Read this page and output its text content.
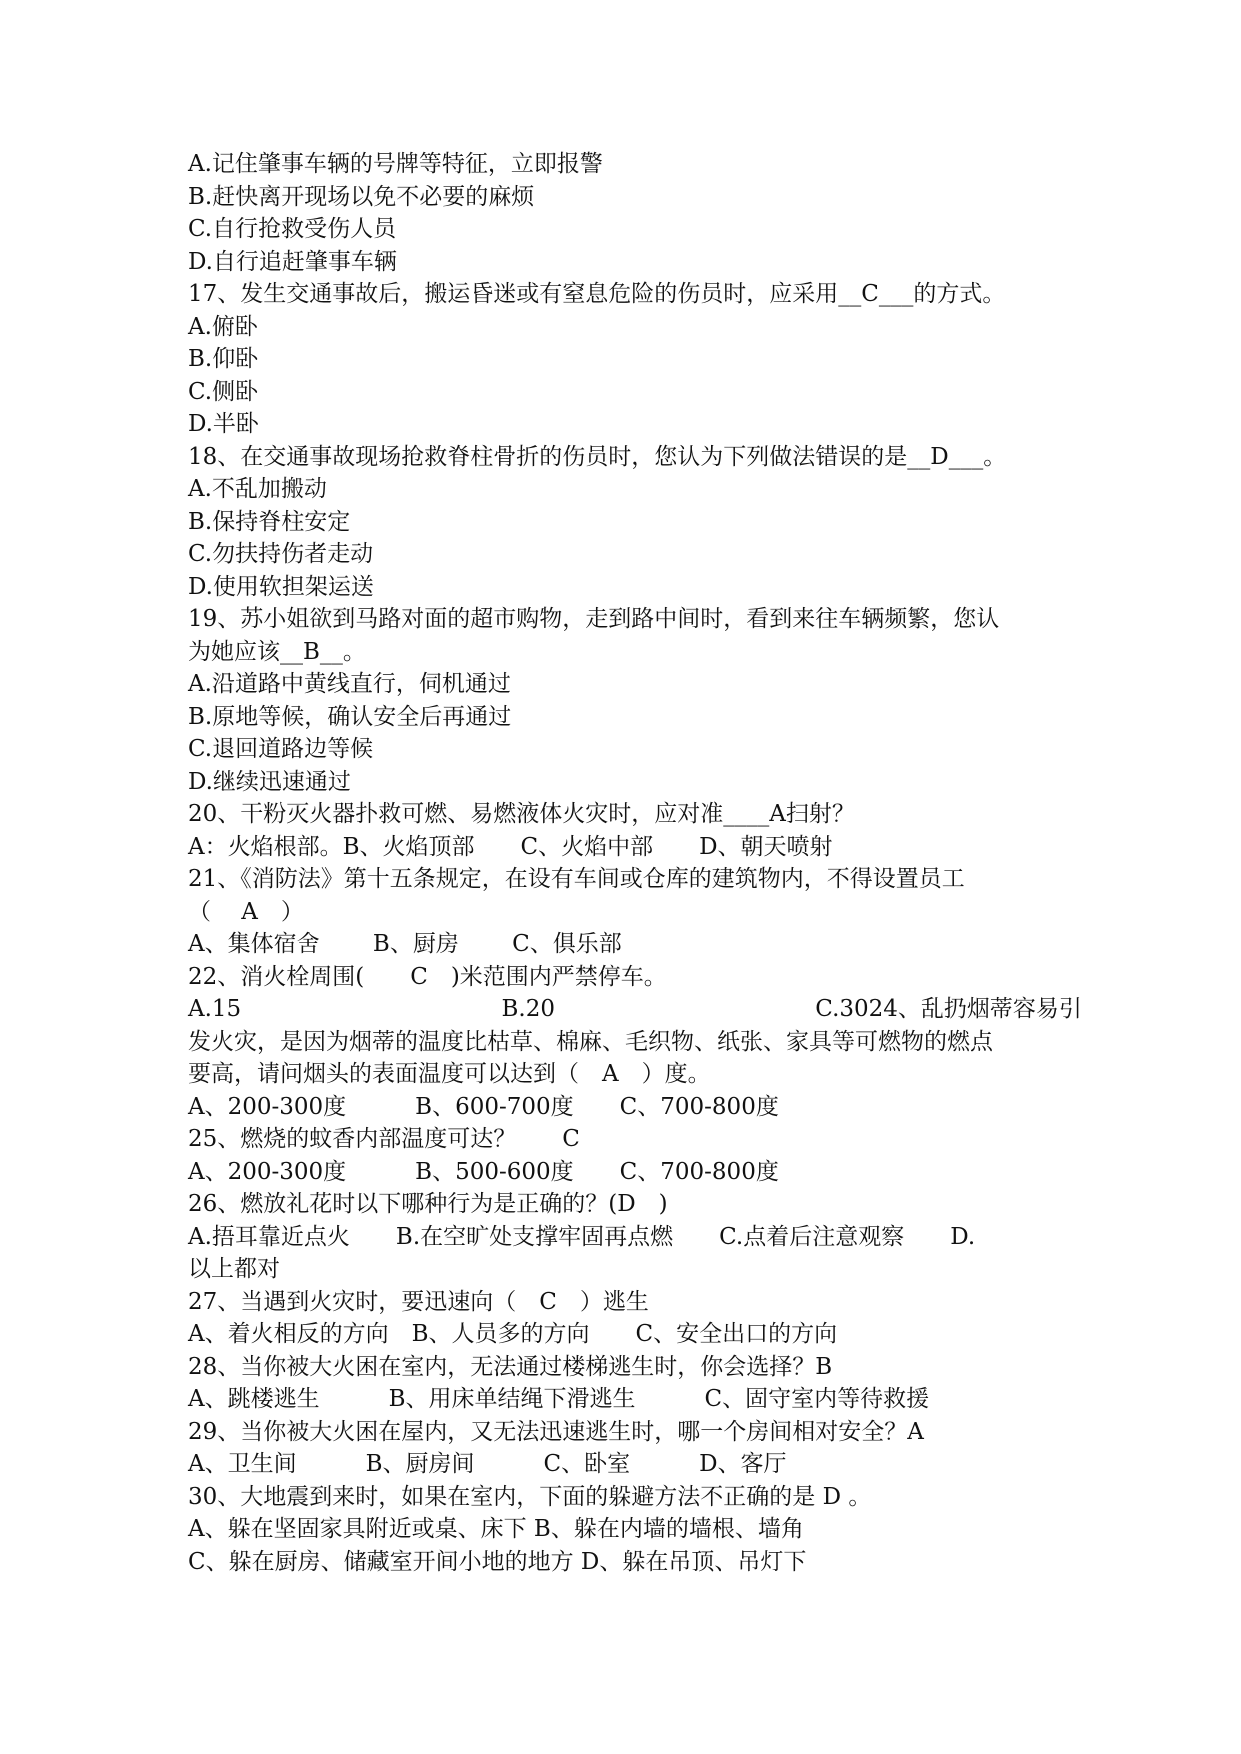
A.记住肇事车辆的号牌等特征，立即报警
B.赶快离开现场以免不必要的麻烦
C.自行抢救受伤人员
D.自行追赶肇事车辆
17、发生交通事故后，搬运昏迷或有窒息危险的伤员时，应采用__C___的方式。
A.俯卧
B.仰卧
C.侧卧
D.半卧
18、在交通事故现场抢救脊柱骨折的伤员时，您认为下列做法错误的是__D___。
A.不乱加搬动
B.保持脊柱安定
C.勿扶持伤者走动
D.使用软担架运送
19、苏小姐欲到马路对面的超市购物，走到路中间时，看到来往车辆频繁，您认
为她应该__B__。
A.沿道路中黄线直行，伺机通过
B.原地等候，确认安全后再通过
C.退回道路边等候
D.继续迅速通过
20、干粉灭火器扑救可燃、易燃液体火灾时，应对准____A扫射？
A：火焰根部。B、火焰顶部　　C、火焰中部　　D、朝天喷射
21、《消防法》第十五条规定，在设有车间或仓库的建筑物内，不得设置员工
（　 A　）
A、集体宿舍　　 B、厨房　　 C、俱乐部
22、消火栓周围(　　C　)米范围内严禁停车。
A.15　　　　　　　　　　　 B.20　　　　　　　　　　　 C.3024、乱扔烟蒂容易引
发火灾，是因为烟蒂的温度比枯草、棉麻、毛织物、纸张、家具等可燃物的燃点
要高，请问烟头的表面温度可以达到（　A　）度。
A、200-300度　　　B、600-700度　　C、700-800度
25、燃烧的蚊香内部温度可达？　　C
A、200-300度　　　B、500-600度　　C、700-800度
26、燃放礼花时以下哪种行为是正确的？(D　)
A.捂耳靠近点火　　B.在空旷处支撑牢固再点燃　　C.点着后注意观察　　D.
以上都对
27、当遇到火灾时，要迅速向（　C　）逃生
A、着火相反的方向　B、人员多的方向　　C、安全出口的方向
28、当你被大火困在室内，无法通过楼梯逃生时，你会选择？B
A、跳楼逃生　　　B、用床单结绳下滑逃生　　　C、固守室内等待救援
29、当你被大火困在屋内，又无法迅速逃生时，哪一个房间相对安全？A
A、卫生间　　　B、厨房间　　　C、卧室　　　D、客厅
30、大地震到来时，如果在室内，下面的躲避方法不正确的是 D 。
A、躲在坚固家具附近或桌、床下 B、躲在内墙的墙根、墙角
C、躲在厨房、储藏室开间小地的地方 D、躲在吊顶、吊灯下
